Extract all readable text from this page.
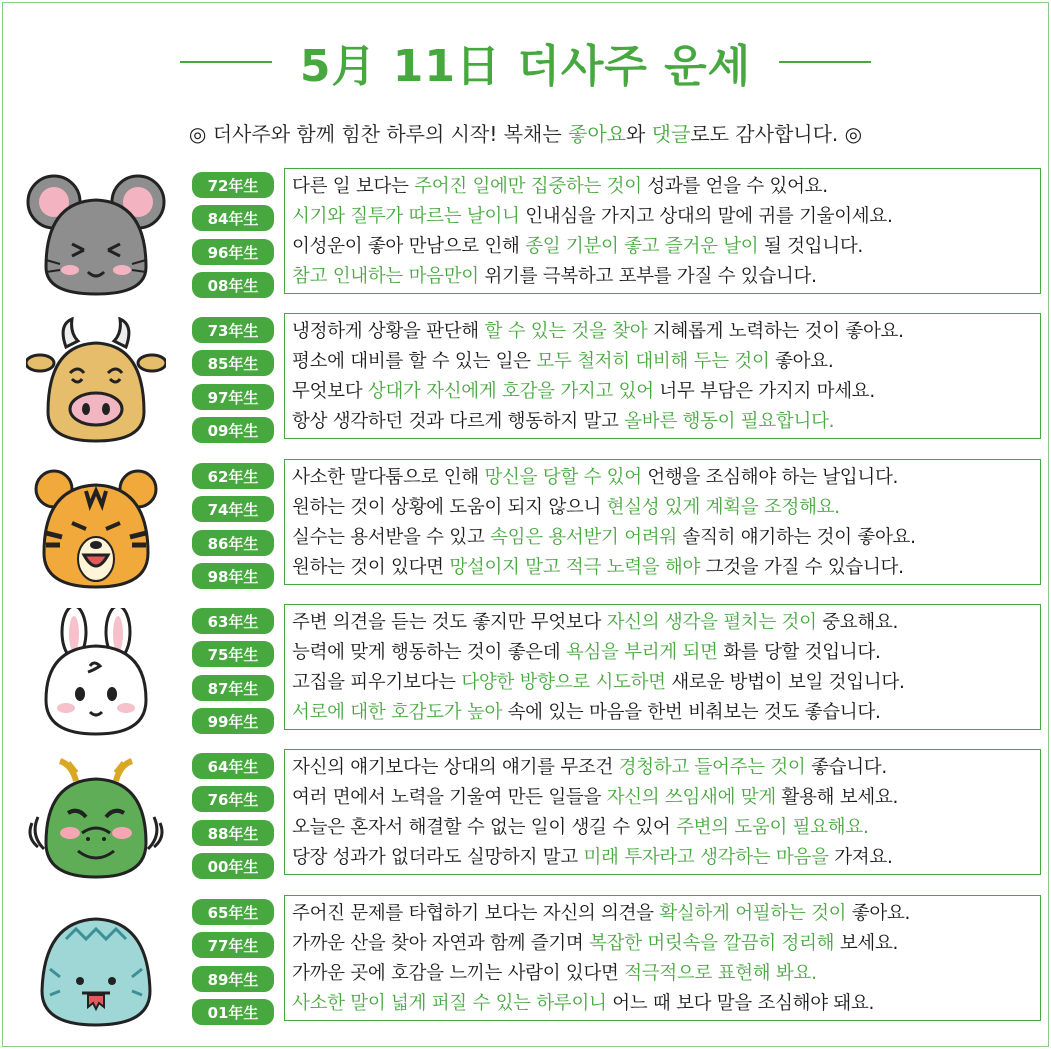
5月 11日 더사주 운세
◎ 더사주와 함께 힘찬 하루의 시작! 복채는 좋아요와 댓글로도 감사합니다. ◎
72年生
84年生
96年生
08年生
다른 일 보다는 주어진 일에만 집중하는 것이 성과를 얻을 수 있어요.
시기와 질투가 따르는 날이니 인내심을 가지고 상대의 말에 귀를 기울이세요.
이성운이 좋아 만남으로 인해 종일 기분이 좋고 즐거운 날이 될 것입니다.
참고 인내하는 마음만이 위기를 극복하고 포부를 가질 수 있습니다.
73年生
85年生
97年生
09年生
냉정하게 상황을 판단해 할 수 있는 것을 찾아 지혜롭게 노력하는 것이 좋아요.
평소에 대비를 할 수 있는 일은 모두 철저히 대비해 두는 것이 좋아요.
무엇보다 상대가 자신에게 호감을 가지고 있어 너무 부담은 가지지 마세요.
항상 생각하던 것과 다르게 행동하지 말고 올바른 행동이 필요합니다.
62年生
74年生
86年生
98年生
사소한 말다툼으로 인해 망신을 당할 수 있어 언행을 조심해야 하는 날입니다.
원하는 것이 상황에 도움이 되지 않으니 현실성 있게 계획을 조정해요.
실수는 용서받을 수 있고 속임은 용서받기 어려워 솔직히 얘기하는 것이 좋아요.
원하는 것이 있다면 망설이지 말고 적극 노력을 해야 그것을 가질 수 있습니다.
63年生
75年生
87年生
99年生
주변 의견을 듣는 것도 좋지만 무엇보다 자신의 생각을 펼치는 것이 중요해요.
능력에 맞게 행동하는 것이 좋은데 욕심을 부리게 되면 화를 당할 것입니다.
고집을 피우기보다는 다양한 방향으로 시도하면 새로운 방법이 보일 것입니다.
서로에 대한 호감도가 높아 속에 있는 마음을 한번 비춰보는 것도 좋습니다.
64年生
76年生
88年生
00年生
자신의 얘기보다는 상대의 얘기를 무조건 경청하고 들어주는 것이 좋습니다.
여러 면에서 노력을 기울여 만든 일들을 자신의 쓰임새에 맞게 활용해 보세요.
오늘은 혼자서 해결할 수 없는 일이 생길 수 있어 주변의 도움이 필요해요.
당장 성과가 없더라도 실망하지 말고 미래 투자라고 생각하는 마음을 가져요.
65年生
77年生
89年生
01年生
주어진 문제를 타협하기 보다는 자신의 의견을 확실하게 어필하는 것이 좋아요.
가까운 산을 찾아 자연과 함께 즐기며 복잡한 머릿속을 깔끔히 정리해 보세요.
가까운 곳에 호감을 느끼는 사람이 있다면 적극적으로 표현해 봐요.
사소한 말이 넓게 퍼질 수 있는 하루이니 어느 때 보다 말을 조심해야 돼요.
